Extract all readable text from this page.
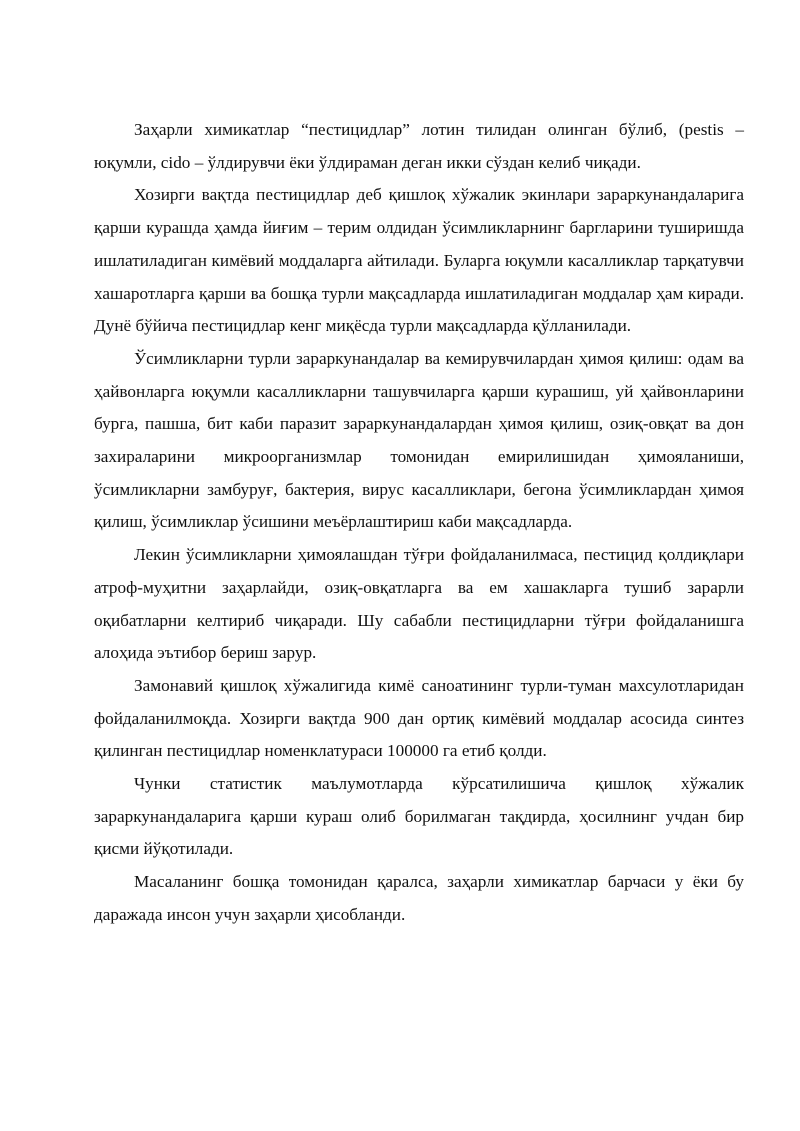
Заҳарли химикатлар “пестицидлар” лотин тилидан олинган бўлиб, (pestis – юқумли, cido – ўлдирувчи ёки ўлдираман деган икки сўздан келиб чиқади.

Хозирги вақтда пестицидлар деб қишлоқ хўжалик экинлари зараркунандаларига қарши курашда ҳамда йиғим – терим олдидан ўсимликларнинг баргларини туширишда ишлатиладиган кимёвий моддаларга айтилади. Буларга юқумли касалликлар тарқатувчи хашаротларга қарши ва бошқа турли мақсадларда ишлатиладиган моддалар ҳам киради. Дунё бўйича пестицидлар кенг миқёсда турли мақсадларда қўлланилади.

Ўсимликларни турли зараркунандалар ва кемирувчилардан ҳимоя қилиш: одам ва ҳайвонларга юқумли касалликларни ташувчиларга қарши курашиш, уй ҳайвонларини бурга, пашша, бит каби паразит зараркунандалардан ҳимоя қилиш, озиқ-овқат ва дон захираларини микроорганизмлар томонидан емирилишидан ҳимояланиши, ўсимликларни замбуруғ, бактерия, вирус касалликлари, бегона ўсимликлардан ҳимоя қилиш, ўсимликлар ўсишини меъёрлаштириш каби мақсадларда.

Лекин ўсимликларни ҳимоялашдан тўғри фойдаланилмаса, пестицид қолдиқлари атроф-муҳитни заҳарлайди, озиқ-овқатларга ва ем хашакларга тушиб зарарли оқибатларни келтириб чиқаради. Шу сабабли пестицидларни тўғри фойдаланишга алоҳида эътибор бериш зарур.

Замонавий қишлоқ хўжалигида кимё саноатининг турли-туман махсулотларидан фойдаланилмоқда. Хозирги вақтда 900 дан ортиқ кимёвий моддалар асосида синтез қилинган пестицидлар номенклатураси 100000 га етиб қолди.

Чунки статистик маълумотларда кўрсатилишича қишлоқ хўжалик зараркунандаларига қарши кураш олиб борилмаган тақдирда, ҳосилнинг учдан бир қисми йўқотилади.

Масаланинг бошқа томонидан қаралса, заҳарли химикатлар барчаси у ёки бу даражада инсон учун заҳарли ҳисобланди.
